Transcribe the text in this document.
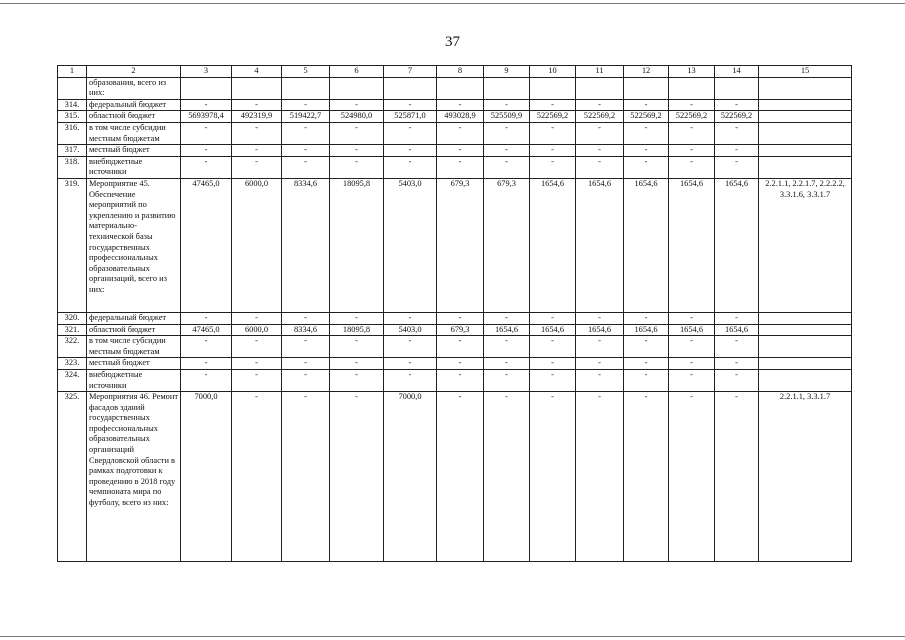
37
1	2	3	4	5	6	7	8	9	10	11	12	13	14	15
	образования, всего из них:													
314.	федеральный бюджет	-	-	-	-	-	-	-	-	-	-	-	-	
315.	областной бюджет	5693978,4	492319,9	519422,7	524980,0	525871,0	493028,9	525509,9	522569,2	522569,2	522569,2	522569,2	522569,2	
316.	в том числе субсидии местным бюджетам	-	-	-	-	-	-	-	-	-	-	-	-	
317.	местный бюджет	-	-	-	-	-	-	-	-	-	-	-	-	
318.	внебюджетные источники	-	-	-	-	-	-	-	-	-	-	-	-	
319.	Мероприятие 45. Обеспечение мероприятий по укреплению и развитию материально-технической базы государственных профессиональных образовательных организаций, всего из них:	47465,0	6000,0	8334,6	18095,8	5403,0	679,3	679,3	1654,6	1654,6	1654,6	1654,6	1654,6	2.2.1.1, 2.2.1.7, 2.2.2.2, 3.3.1.6, 3.3.1.7
320.	федеральный бюджет	-	-	-	-	-	-	-	-	-	-	-	-	
321.	областной бюджет	47465,0	6000,0	8334,6	18095,8	5403,0	679,3	1654,6	1654,6	1654,6	1654,6	1654,6	1654,6	
322.	в том числе субсидии местным бюджетам	-	-	-	-	-	-	-	-	-	-	-	-	
323.	местный бюджет	-	-	-	-	-	-	-	-	-	-	-	-	
324.	внебюджетные источники	-	-	-	-	-	-	-	-	-	-	-	-	
325.	Мероприятия 46. Ремонт фасадов зданий государственных профессиональных образовательных организаций Свердловской области в рамках подготовки к проведению в 2018 году чемпионата мира по футболу, всего из них:	7000,0	-	-	-	7000,0	-	-	-	-	-	-	-	2.2.1.1, 3.3.1.7
